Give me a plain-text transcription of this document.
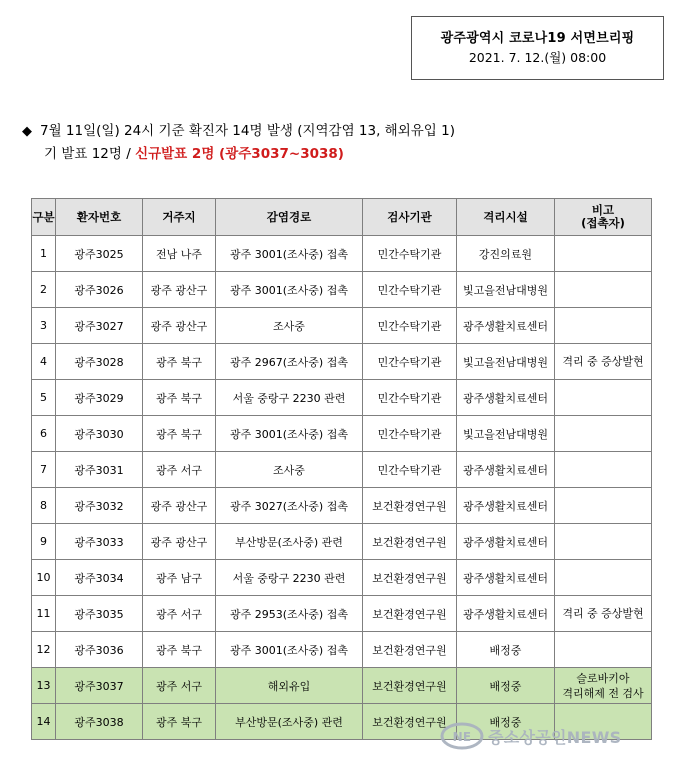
광주광역시 코로나19 서면브리핑
2021. 7. 12.(월) 08:00
◆ 7월 11일(일) 24시 기준 확진자 14명 발생 (지역감염 13, 해외유입 1)
기 발표 12명 / 신규발표 2명 (광주3037~3038)
구분	환자번호	거주지	감염경로	검사기관	격리시설	비고
(접촉자)

1	광주3025	전남 나주	광주 3001(조사중) 접촉	민간수탁기관	강진의료원	

2	광주3026	광주 광산구	광주 3001(조사중) 접촉	민간수탁기관	빛고을전남대병원	

3	광주3027	광주 광산구	조사중	민간수탁기관	광주생활치료센터	

4	광주3028	광주 북구	광주 2967(조사중) 접촉	민간수탁기관	빛고을전남대병원	격리 중 증상발현

5	광주3029	광주 북구	서울 중랑구 2230 관련	민간수탁기관	광주생활치료센터	

6	광주3030	광주 북구	광주 3001(조사중) 접촉	민간수탁기관	빛고을전남대병원	

7	광주3031	광주 서구	조사중	민간수탁기관	광주생활치료센터	

8	광주3032	광주 광산구	광주 3027(조사중) 접촉	보건환경연구원	광주생활치료센터	

9	광주3033	광주 광산구	부산방문(조사중) 관련	보건환경연구원	광주생활치료센터	

10	광주3034	광주 남구	서울 중랑구 2230 관련	보건환경연구원	광주생활치료센터	

11	광주3035	광주 서구	광주 2953(조사중) 접촉	보건환경연구원	광주생활치료센터	격리 중 증상발현

12	광주3036	광주 북구	광주 3001(조사중) 접촉	보건환경연구원	배정중	

13	광주3037	광주 서구	해외유입	보건환경연구원	배정중	슬로바키아
격리해제 전 검사

14	광주3038	광주 북구	부산방문(조사중) 관련	보건환경연구원	배정중	
NE 중소상공인NEWS
